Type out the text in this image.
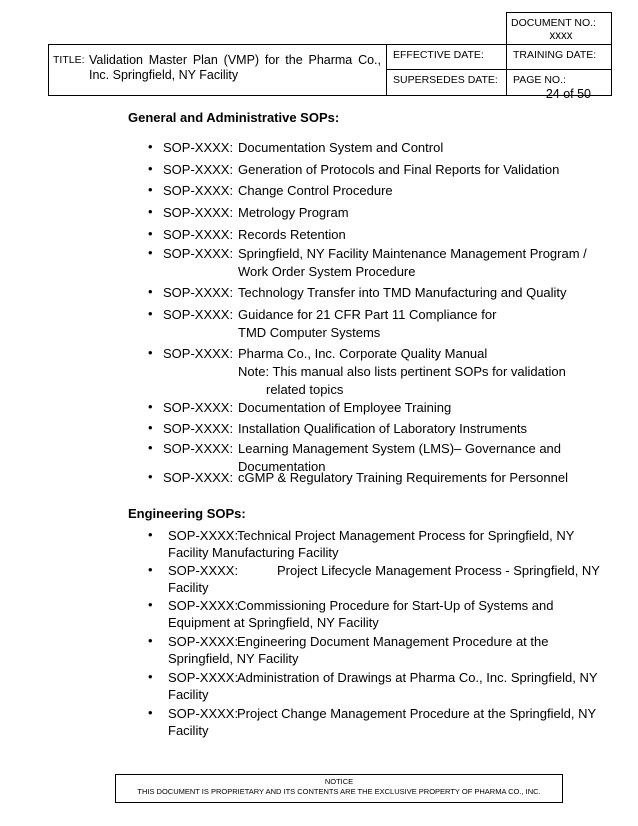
DOCUMENT NO.:
xxxx
TITLE: Validation Master Plan (VMP) for the Pharma Co., Inc. Springfield, NY Facility
EFFECTIVE DATE:	TRAINING DATE:
SUPERSEDES DATE:	PAGE NO.:
24 of 50
General and Administrative SOPs:
• SOP-XXXX: Documentation System and Control
• SOP-XXXX: Generation of Protocols and Final Reports for Validation
• SOP-XXXX: Change Control Procedure
• SOP-XXXX: Metrology Program
• SOP-XXXX: Records Retention
• SOP-XXXX: Springfield, NY Facility Maintenance Management Program /
Work Order System Procedure
• SOP-XXXX: Technology Transfer into TMD Manufacturing and Quality
• SOP-XXXX: Guidance for 21 CFR Part 11 Compliance for
TMD Computer Systems
• SOP-XXXX: Pharma Co., Inc. Corporate Quality Manual
Note: This manual also lists pertinent SOPs for validation
related topics
• SOP-XXXX: Documentation of Employee Training
• SOP-XXXX: Installation Qualification of Laboratory Instruments
• SOP-XXXX: Learning Management System (LMS)– Governance and
Documentation
• SOP-XXXX: cGMP & Regulatory Training Requirements for Personnel
Engineering SOPs:
• SOP-XXXX:
Technical Project Management Process for Springfield, NY
Facility Manufacturing Facility
• SOP-XXXX:	Project Lifecycle Management Process - Springfield, NY
Facility
• SOP-XXXX:
Commissioning Procedure for Start-Up of Systems and
Equipment at Springfield, NY Facility
• SOP-XXXX:
Engineering Document Management Procedure at the
Springfield, NY Facility
• SOP-XXXX:
Administration of Drawings at Pharma Co., Inc. Springfield, NY
Facility
• SOP-XXXX:
Project Change Management Procedure at the Springfield, NY
Facility
NOTICE
THIS DOCUMENT IS PROPRIETARY AND ITS CONTENTS ARE THE EXCLUSIVE PROPERTY OF PHARMA CO., INC.
